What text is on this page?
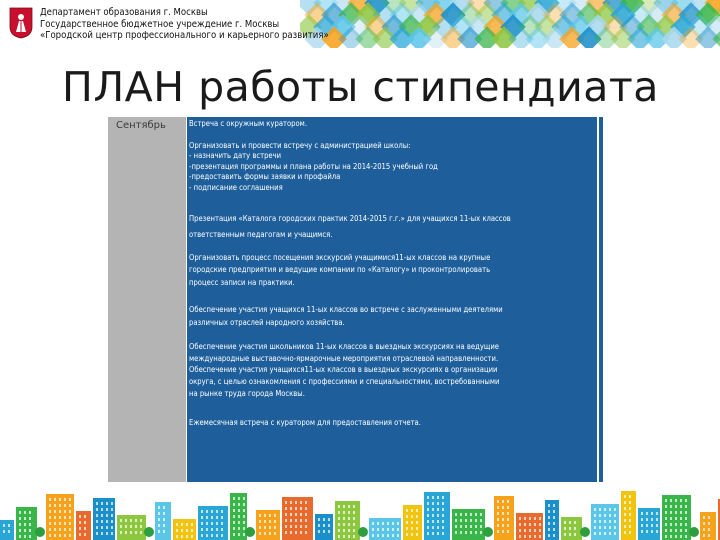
Департамент образования г. Москвы
Государственное бюджетное учреждение г. Москвы
«Городской центр профессионального и карьерного развития»
ПЛАН работы стипендиата
Сентябрь	Встреча с окружным куратором.
Организовать и провести встречу с администрацией школы:
- назначить дату встречи
-презентация программы и плана работы на 2014-2015 учебный год
-предоставить формы заявки и профайла
- подписание соглашения
Презентация «Каталога городских практик 2014-2015 г.г.» для учащихся 11-ых классов
ответственным педагогам и учащимся.
Организовать процесс посещения экскурсий учащимися11-ых классов на крупные
городские предприятия и ведущие компании по «Каталогу» и проконтролировать
процесс записи на практики.
Обеспечение участия учащихся 11-ых классов во встрече с заслуженными деятелями
различных отраслей народного хозяйства.
Обеспечение участия школьников 11-ых классов в выездных экскурсиях на ведущие
международные выставочно-ярмарочные мероприятия отраслевой направленности.
Обеспечение участия учащихся11-ых классов в выездных экскурсиях в организации
округа, с целью ознакомления с профессиями и специальностями, востребованными
на рынке труда города Москвы.
Ежемесячная встреча с куратором для предоставления отчета.
